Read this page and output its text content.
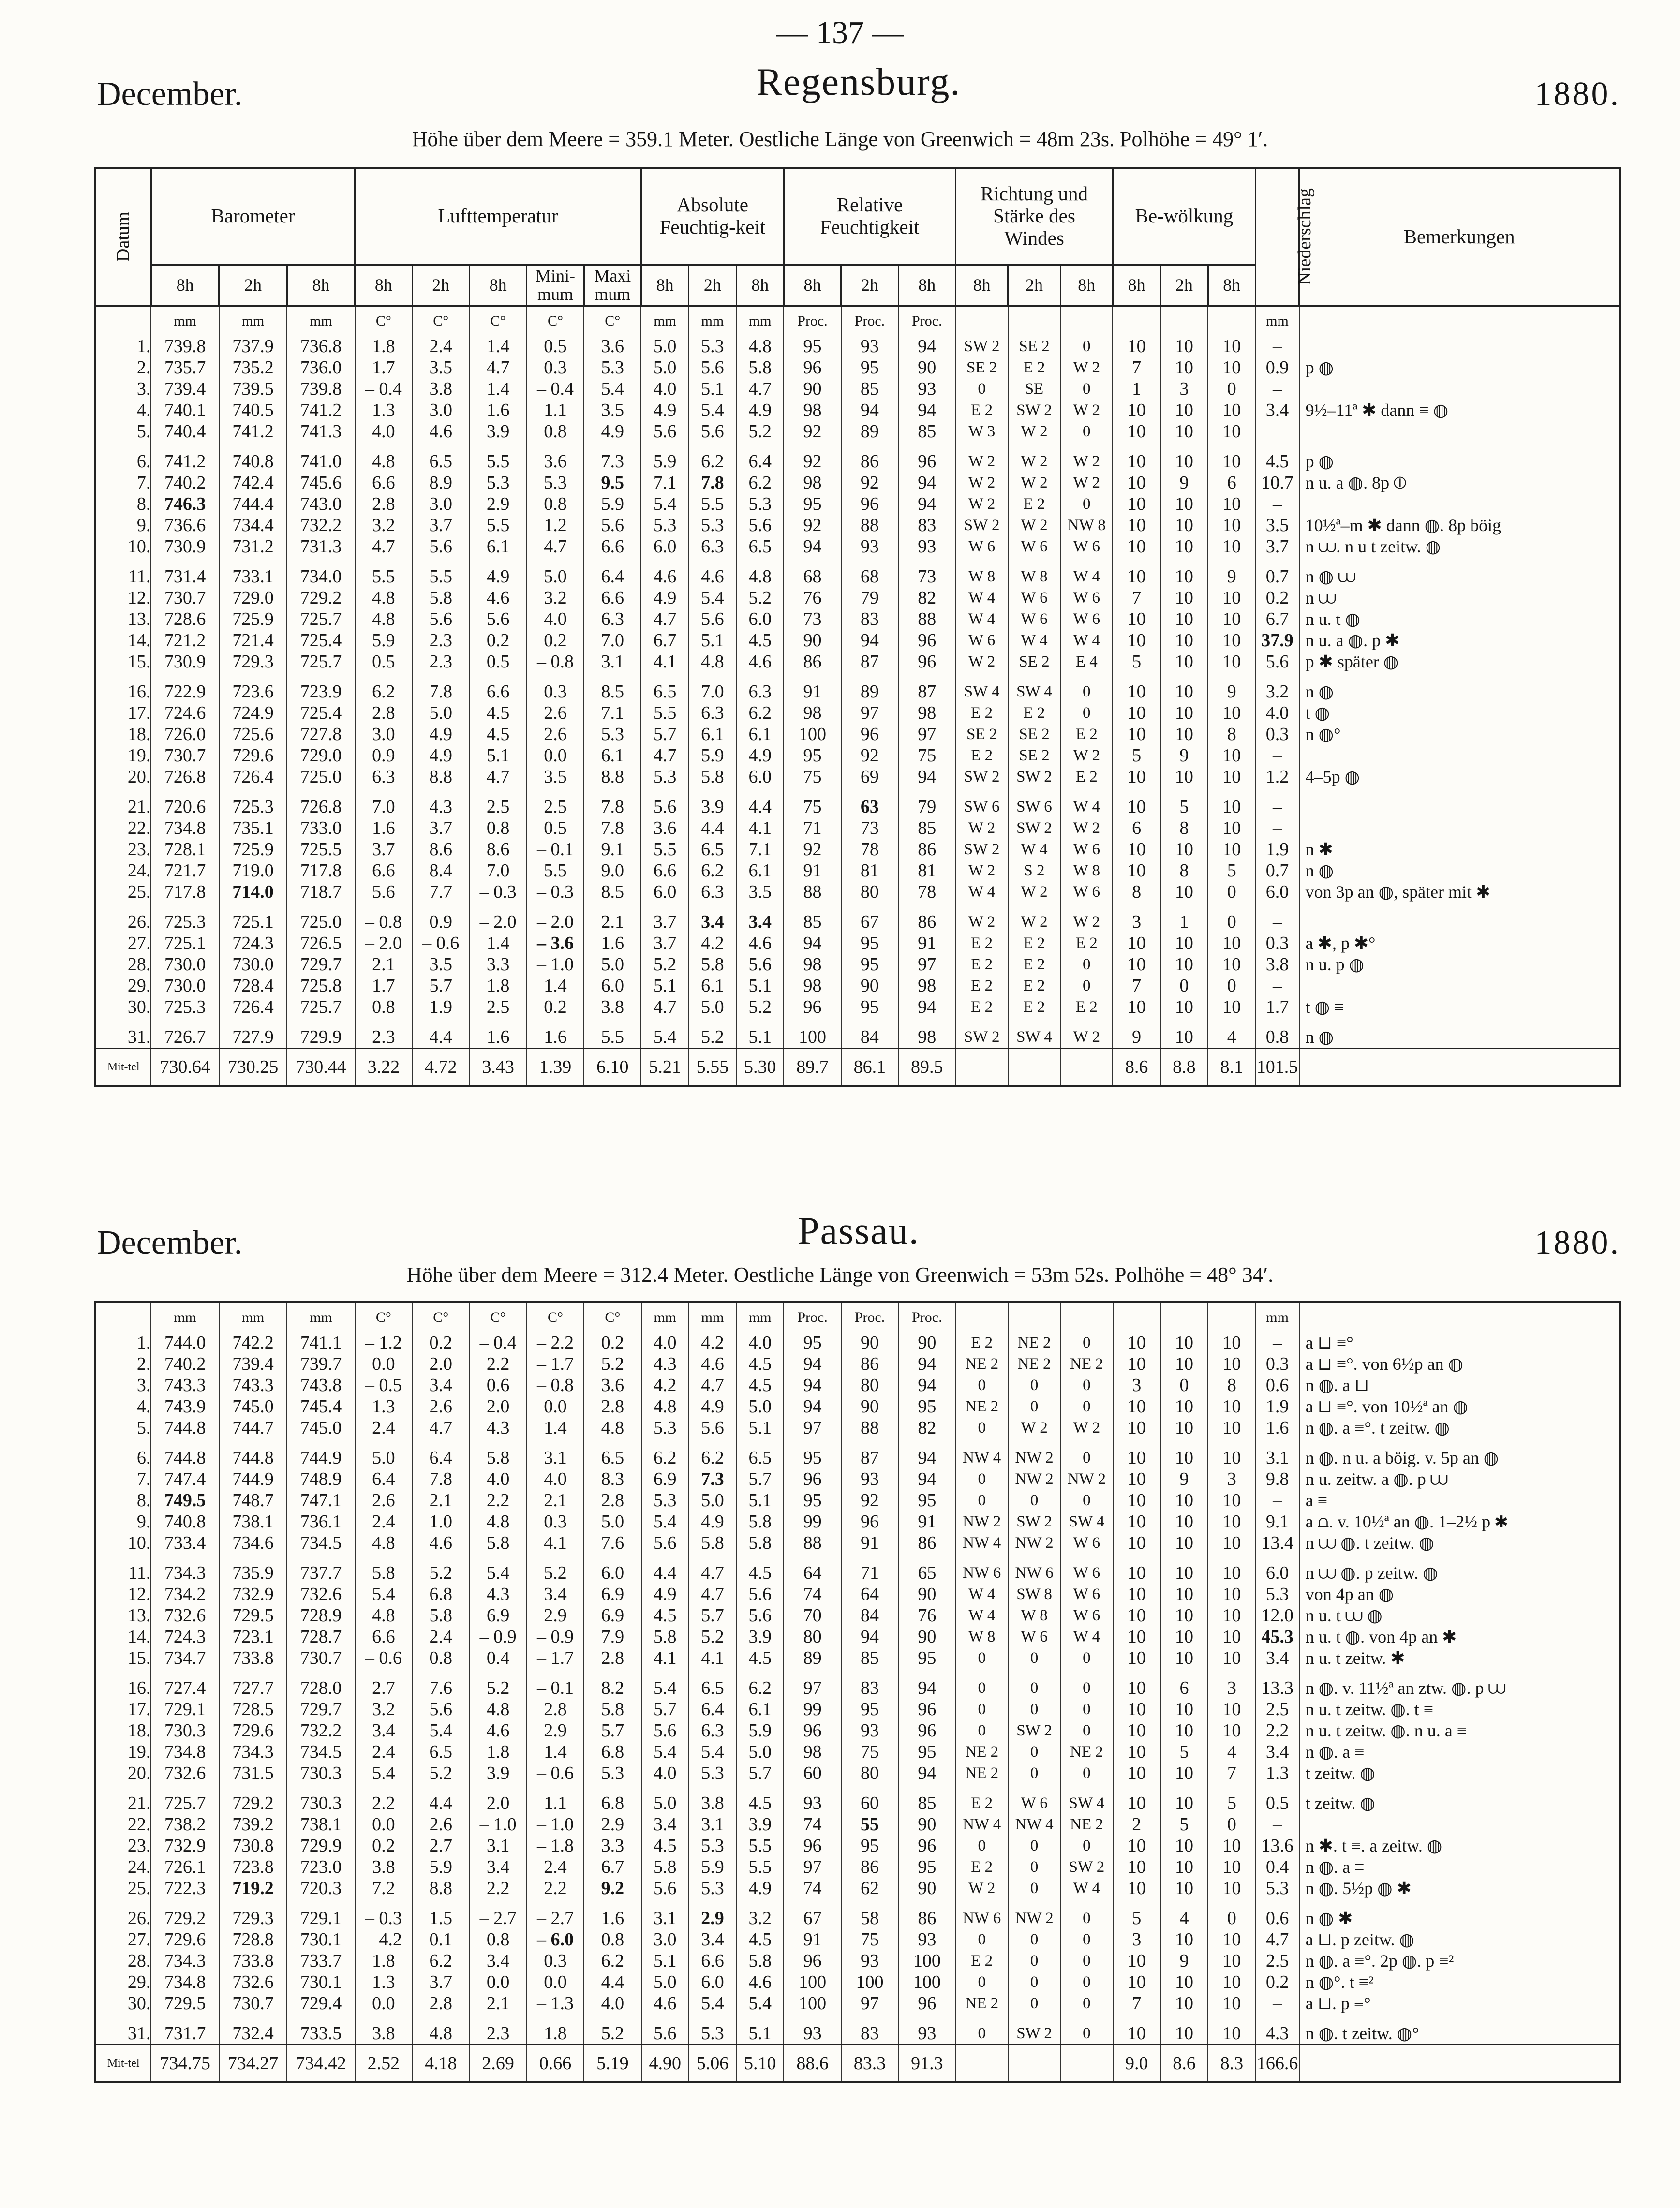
— 137 —
December.	Regensburg.	1880.
Höhe über dem Meere = 359.1 Meter. Oestliche Länge von Greenwich = 48m 23s. Polhöhe = 49° 1′.
Datum	Barometer			Lufttemperatur					Absolute Feuchtig-keit			Relative Feuchtigkeit			Richtung und Stärke des Windes			Be-wölkung			Niederschlag	Bemerkungen
	8h	2h	8h	8h	2h	8h	Mini-mum	Maxi mum	8h	2h	8h	8h	2h	8h	8h	2h	8h	8h	2h	8h		
	mm	mm	mm	C°	C°	C°	C°	C°	mm	mm	mm	Proc.	Proc.	Proc.							mm	
1.	739.8	737.9	736.8	1.8	2.4	1.4	0.5	3.6	5.0	5.3	4.8	95	93	94	SW 2	SE 2	0	10	10	10	–	
2.	735.7	735.2	736.0	1.7	3.5	4.7	0.3	5.3	5.0	5.6	5.8	96	95	90	SE 2	E 2	W 2	7	10	10	0.9	p ◍
3.	739.4	739.5	739.8	– 0.4	3.8	1.4	– 0.4	5.4	4.0	5.1	4.7	90	85	93	0	SE	0	1	3	0	–	
4.	740.1	740.5	741.2	1.3	3.0	1.6	1.1	3.5	4.9	5.4	4.9	98	94	94	E 2	SW 2	W 2	10	10	10	3.4	9½–11ª ✱ dann ≡ ◍
5.	740.4	741.2	741.3	4.0	4.6	3.9	0.8	4.9	5.6	5.6	5.2	92	89	85	W 3	W 2	0	10	10	10		

6.	741.2	740.8	741.0	4.8	6.5	5.5	3.6	7.3	5.9	6.2	6.4	92	86	96	W 2	W 2	W 2	10	10	10	4.5	p ◍
7.	740.2	742.4	745.6	6.6	8.9	5.3	5.3	9.5	7.1	7.8	6.2	98	92	94	W 2	W 2	W 2	10	9	6	10.7	n u. a ◍. 8p ⦶
8.	746.3	744.4	743.0	2.8	3.0	2.9	0.8	5.9	5.4	5.5	5.3	95	96	94	W 2	E 2	0	10	10	10	–	
9.	736.6	734.4	732.2	3.2	3.7	5.5	1.2	5.6	5.3	5.3	5.6	92	88	83	SW 2	W 2	NW 8	10	10	10	3.5	10½ª–m ✱ dann ◍. 8p böig
10.	730.9	731.2	731.3	4.7	5.6	6.1	4.7	6.6	6.0	6.3	6.5	94	93	93	W 6	W 6	W 6	10	10	10	3.7	n ⩊. n u t zeitw. ◍

11.	731.4	733.1	734.0	5.5	5.5	4.9	5.0	6.4	4.6	4.6	4.8	68	68	73	W 8	W 8	W 4	10	10	9	0.7	n ◍ ⩊
12.	730.7	729.0	729.2	4.8	5.8	4.6	3.2	6.6	4.9	5.4	5.2	76	79	82	W 4	W 6	W 6	7	10	10	0.2	n ⩊
13.	728.6	725.9	725.7	4.8	5.6	5.6	4.0	6.3	4.7	5.6	6.0	73	83	88	W 4	W 6	W 6	10	10	10	6.7	n u. t ◍
14.	721.2	721.4	725.4	5.9	2.3	0.2	0.2	7.0	6.7	5.1	4.5	90	94	96	W 6	W 4	W 4	10	10	10	37.9	n u. a ◍. p ✱
15.	730.9	729.3	725.7	0.5	2.3	0.5	– 0.8	3.1	4.1	4.8	4.6	86	87	96	W 2	SE 2	E 4	5	10	10	5.6	p ✱ später ◍

16.	722.9	723.6	723.9	6.2	7.8	6.6	0.3	8.5	6.5	7.0	6.3	91	89	87	SW 4	SW 4	0	10	10	9	3.2	n ◍
17.	724.6	724.9	725.4	2.8	5.0	4.5	2.6	7.1	5.5	6.3	6.2	98	97	98	E 2	E 2	0	10	10	10	4.0	t ◍
18.	726.0	725.6	727.8	3.0	4.9	4.5	2.6	5.3	5.7	6.1	6.1	100	96	97	SE 2	SE 2	E 2	10	10	8	0.3	n ◍°
19.	730.7	729.6	729.0	0.9	4.9	5.1	0.0	6.1	4.7	5.9	4.9	95	92	75	E 2	SE 2	W 2	5	9	10	–	
20.	726.8	726.4	725.0	6.3	8.8	4.7	3.5	8.8	5.3	5.8	6.0	75	69	94	SW 2	SW 2	E 2	10	10	10	1.2	4–5p ◍

21.	720.6	725.3	726.8	7.0	4.3	2.5	2.5	7.8	5.6	3.9	4.4	75	63	79	SW 6	SW 6	W 4	10	5	10	–	
22.	734.8	735.1	733.0	1.6	3.7	0.8	0.5	7.8	3.6	4.4	4.1	71	73	85	W 2	SW 2	W 2	6	8	10	–	
23.	728.1	725.9	725.5	3.7	8.6	8.6	– 0.1	9.1	5.5	6.5	7.1	92	78	86	SW 2	W 4	W 6	10	10	10	1.9	n ✱
24.	721.7	719.0	717.8	6.6	8.4	7.0	5.5	9.0	6.6	6.2	6.1	91	81	81	W 2	S 2	W 8	10	8	5	0.7	n ◍
25.	717.8	714.0	718.7	5.6	7.7	– 0.3	– 0.3	8.5	6.0	6.3	3.5	88	80	78	W 4	W 2	W 6	8	10	0	6.0	von 3p an ◍, später mit ✱

26.	725.3	725.1	725.0	– 0.8	0.9	– 2.0	– 2.0	2.1	3.7	3.4	3.4	85	67	86	W 2	W 2	W 2	3	1	0	–	
27.	725.1	724.3	726.5	– 2.0	– 0.6	1.4	– 3.6	1.6	3.7	4.2	4.6	94	95	91	E 2	E 2	E 2	10	10	10	0.3	a ✱, p ✱°
28.	730.0	730.0	729.7	2.1	3.5	3.3	– 1.0	5.0	5.2	5.8	5.6	98	95	97	E 2	E 2	0	10	10	10	3.8	n u. p ◍
29.	730.0	728.4	725.8	1.7	5.7	1.8	1.4	6.0	5.1	6.1	5.1	98	90	98	E 2	E 2	0	7	0	0	–	
30.	725.3	726.4	725.7	0.8	1.9	2.5	0.2	3.8	4.7	5.0	5.2	96	95	94	E 2	E 2	E 2	10	10	10	1.7	t ◍ ≡

31.	726.7	727.9	729.9	2.3	4.4	1.6	1.6	5.5	5.4	5.2	5.1	100	84	98	SW 2	SW 4	W 2	9	10	4	0.8	n ◍
Mit-tel	730.64	730.25	730.44	3.22	4.72	3.43	1.39	6.10	5.21	5.55	5.30	89.7	86.1	89.5				8.6	8.8	8.1	101.5	
December.	Passau.	1880.
Höhe über dem Meere = 312.4 Meter. Oestliche Länge von Greenwich = 53m 52s. Polhöhe = 48° 34′.
	mm	mm	mm	C°	C°	C°	C°	C°	mm	mm	mm	Proc.	Proc.	Proc.							mm	
1.	744.0	742.2	741.1	– 1.2	0.2	– 0.4	– 2.2	0.2	4.0	4.2	4.0	95	90	90	E 2	NE 2	0	10	10	10	–	a ⊔ ≡°
2.	740.2	739.4	739.7	0.0	2.0	2.2	– 1.7	5.2	4.3	4.6	4.5	94	86	94	NE 2	NE 2	NE 2	10	10	10	0.3	a ⊔ ≡°. von 6½p an ◍
3.	743.3	743.3	743.8	– 0.5	3.4	0.6	– 0.8	3.6	4.2	4.7	4.5	94	80	94	0	0	0	3	0	8	0.6	n ◍. a ⊔
4.	743.9	745.0	745.4	1.3	2.6	2.0	0.0	2.8	4.8	4.9	5.0	94	90	95	NE 2	0	0	10	10	10	1.9	a ⊔ ≡°. von 10½ª an ◍
5.	744.8	744.7	745.0	2.4	4.7	4.3	1.4	4.8	5.3	5.6	5.1	97	88	82	0	W 2	W 2	10	10	10	1.6	n ◍. a ≡°. t zeitw. ◍

6.	744.8	744.8	744.9	5.0	6.4	5.8	3.1	6.5	6.2	6.2	6.5	95	87	94	NW 4	NW 2	0	10	10	10	3.1	n ◍. n u. a böig. v. 5p an ◍
7.	747.4	744.9	748.9	6.4	7.8	4.0	4.0	8.3	6.9	7.3	5.7	96	93	94	0	NW 2	NW 2	10	9	3	9.8	n u. zeitw. a ◍. p ⩊
8.	749.5	748.7	747.1	2.6	2.1	2.2	2.1	2.8	5.3	5.0	5.1	95	92	95	0	0	0	10	10	10	–	a ≡
9.	740.8	738.1	736.1	2.4	1.0	4.8	0.3	5.0	5.4	4.9	5.8	99	96	91	NW 2	SW 2	SW 4	10	10	10	9.1	a ⩍. v. 10½ª an ◍. 1–2½ p ✱
10.	733.4	734.6	734.5	4.8	4.6	5.8	4.1	7.6	5.6	5.8	5.8	88	91	86	NW 4	NW 2	W 6	10	10	10	13.4	n ⩊ ◍. t zeitw. ◍

11.	734.3	735.9	737.7	5.8	5.2	5.4	5.2	6.0	4.4	4.7	4.5	64	71	65	NW 6	NW 6	W 6	10	10	10	6.0	n ⩊ ◍. p zeitw. ◍
12.	734.2	732.9	732.6	5.4	6.8	4.3	3.4	6.9	4.9	4.7	5.6	74	64	90	W 4	SW 8	W 6	10	10	10	5.3	von 4p an ◍
13.	732.6	729.5	728.9	4.8	5.8	6.9	2.9	6.9	4.5	5.7	5.6	70	84	76	W 4	W 8	W 6	10	10	10	12.0	n u. t ⩊ ◍
14.	724.3	723.1	728.7	6.6	2.4	– 0.9	– 0.9	7.9	5.8	5.2	3.9	80	94	90	W 8	W 6	W 4	10	10	10	45.3	n u. t ◍. von 4p an ✱
15.	734.7	733.8	730.7	– 0.6	0.8	0.4	– 1.7	2.8	4.1	4.1	4.5	89	85	95	0	0	0	10	10	10	3.4	n u. t zeitw. ✱

16.	727.4	727.7	728.0	2.7	7.6	5.2	– 0.1	8.2	5.4	6.5	6.2	97	83	94	0	0	0	10	6	3	13.3	n ◍. v. 11½ª an ztw. ◍. p ⩊
17.	729.1	728.5	729.7	3.2	5.6	4.8	2.8	5.8	5.7	6.4	6.1	99	95	96	0	0	0	10	10	10	2.5	n u. t zeitw. ◍. t ≡
18.	730.3	729.6	732.2	3.4	5.4	4.6	2.9	5.7	5.6	6.3	5.9	96	93	96	0	SW 2	0	10	10	10	2.2	n u. t zeitw. ◍. n u. a ≡
19.	734.8	734.3	734.5	2.4	6.5	1.8	1.4	6.8	5.4	5.4	5.0	98	75	95	NE 2	0	NE 2	10	5	4	3.4	n ◍. a ≡
20.	732.6	731.5	730.3	5.4	5.2	3.9	– 0.6	5.3	4.0	5.3	5.7	60	80	94	NE 2	0	0	10	10	7	1.3	t zeitw. ◍

21.	725.7	729.2	730.3	2.2	4.4	2.0	1.1	6.8	5.0	3.8	4.5	93	60	85	E 2	W 6	SW 4	10	10	5	0.5	t zeitw. ◍
22.	738.2	739.2	738.1	0.0	2.6	– 1.0	– 1.0	2.9	3.4	3.1	3.9	74	55	90	NW 4	NW 4	NE 2	2	5	0	–	
23.	732.9	730.8	729.9	0.2	2.7	3.1	– 1.8	3.3	4.5	5.3	5.5	96	95	96	0	0	0	10	10	10	13.6	n ✱. t ≡. a zeitw. ◍
24.	726.1	723.8	723.0	3.8	5.9	3.4	2.4	6.7	5.8	5.9	5.5	97	86	95	E 2	0	SW 2	10	10	10	0.4	n ◍. a ≡
25.	722.3	719.2	720.3	7.2	8.8	2.2	2.2	9.2	5.6	5.3	4.9	74	62	90	W 2	0	W 4	10	10	10	5.3	n ◍. 5½p ◍ ✱

26.	729.2	729.3	729.1	– 0.3	1.5	– 2.7	– 2.7	1.6	3.1	2.9	3.2	67	58	86	NW 6	NW 2	0	5	4	0	0.6	n ◍ ✱
27.	729.6	728.8	730.1	– 4.2	0.1	0.8	– 6.0	0.8	3.0	3.4	4.5	91	75	93	0	0	0	3	10	10	4.7	a ⊔. p zeitw. ◍
28.	734.3	733.8	733.7	1.8	6.2	3.4	0.3	6.2	5.1	6.6	5.8	96	93	100	E 2	0	0	10	9	10	2.5	n ◍. a ≡°. 2p ◍. p ≡²
29.	734.8	732.6	730.1	1.3	3.7	0.0	0.0	4.4	5.0	6.0	4.6	100	100	100	0	0	0	10	10	10	0.2	n ◍°. t ≡²
30.	729.5	730.7	729.4	0.0	2.8	2.1	– 1.3	4.0	4.6	5.4	5.4	100	97	96	NE 2	0	0	7	10	10	–	a ⊔. p ≡°

31.	731.7	732.4	733.5	3.8	4.8	2.3	1.8	5.2	5.6	5.3	5.1	93	83	93	0	SW 2	0	10	10	10	4.3	n ◍. t zeitw. ◍°
Mit-tel	734.75	734.27	734.42	2.52	4.18	2.69	0.66	5.19	4.90	5.06	5.10	88.6	83.3	91.3				9.0	8.6	8.3	166.6	
